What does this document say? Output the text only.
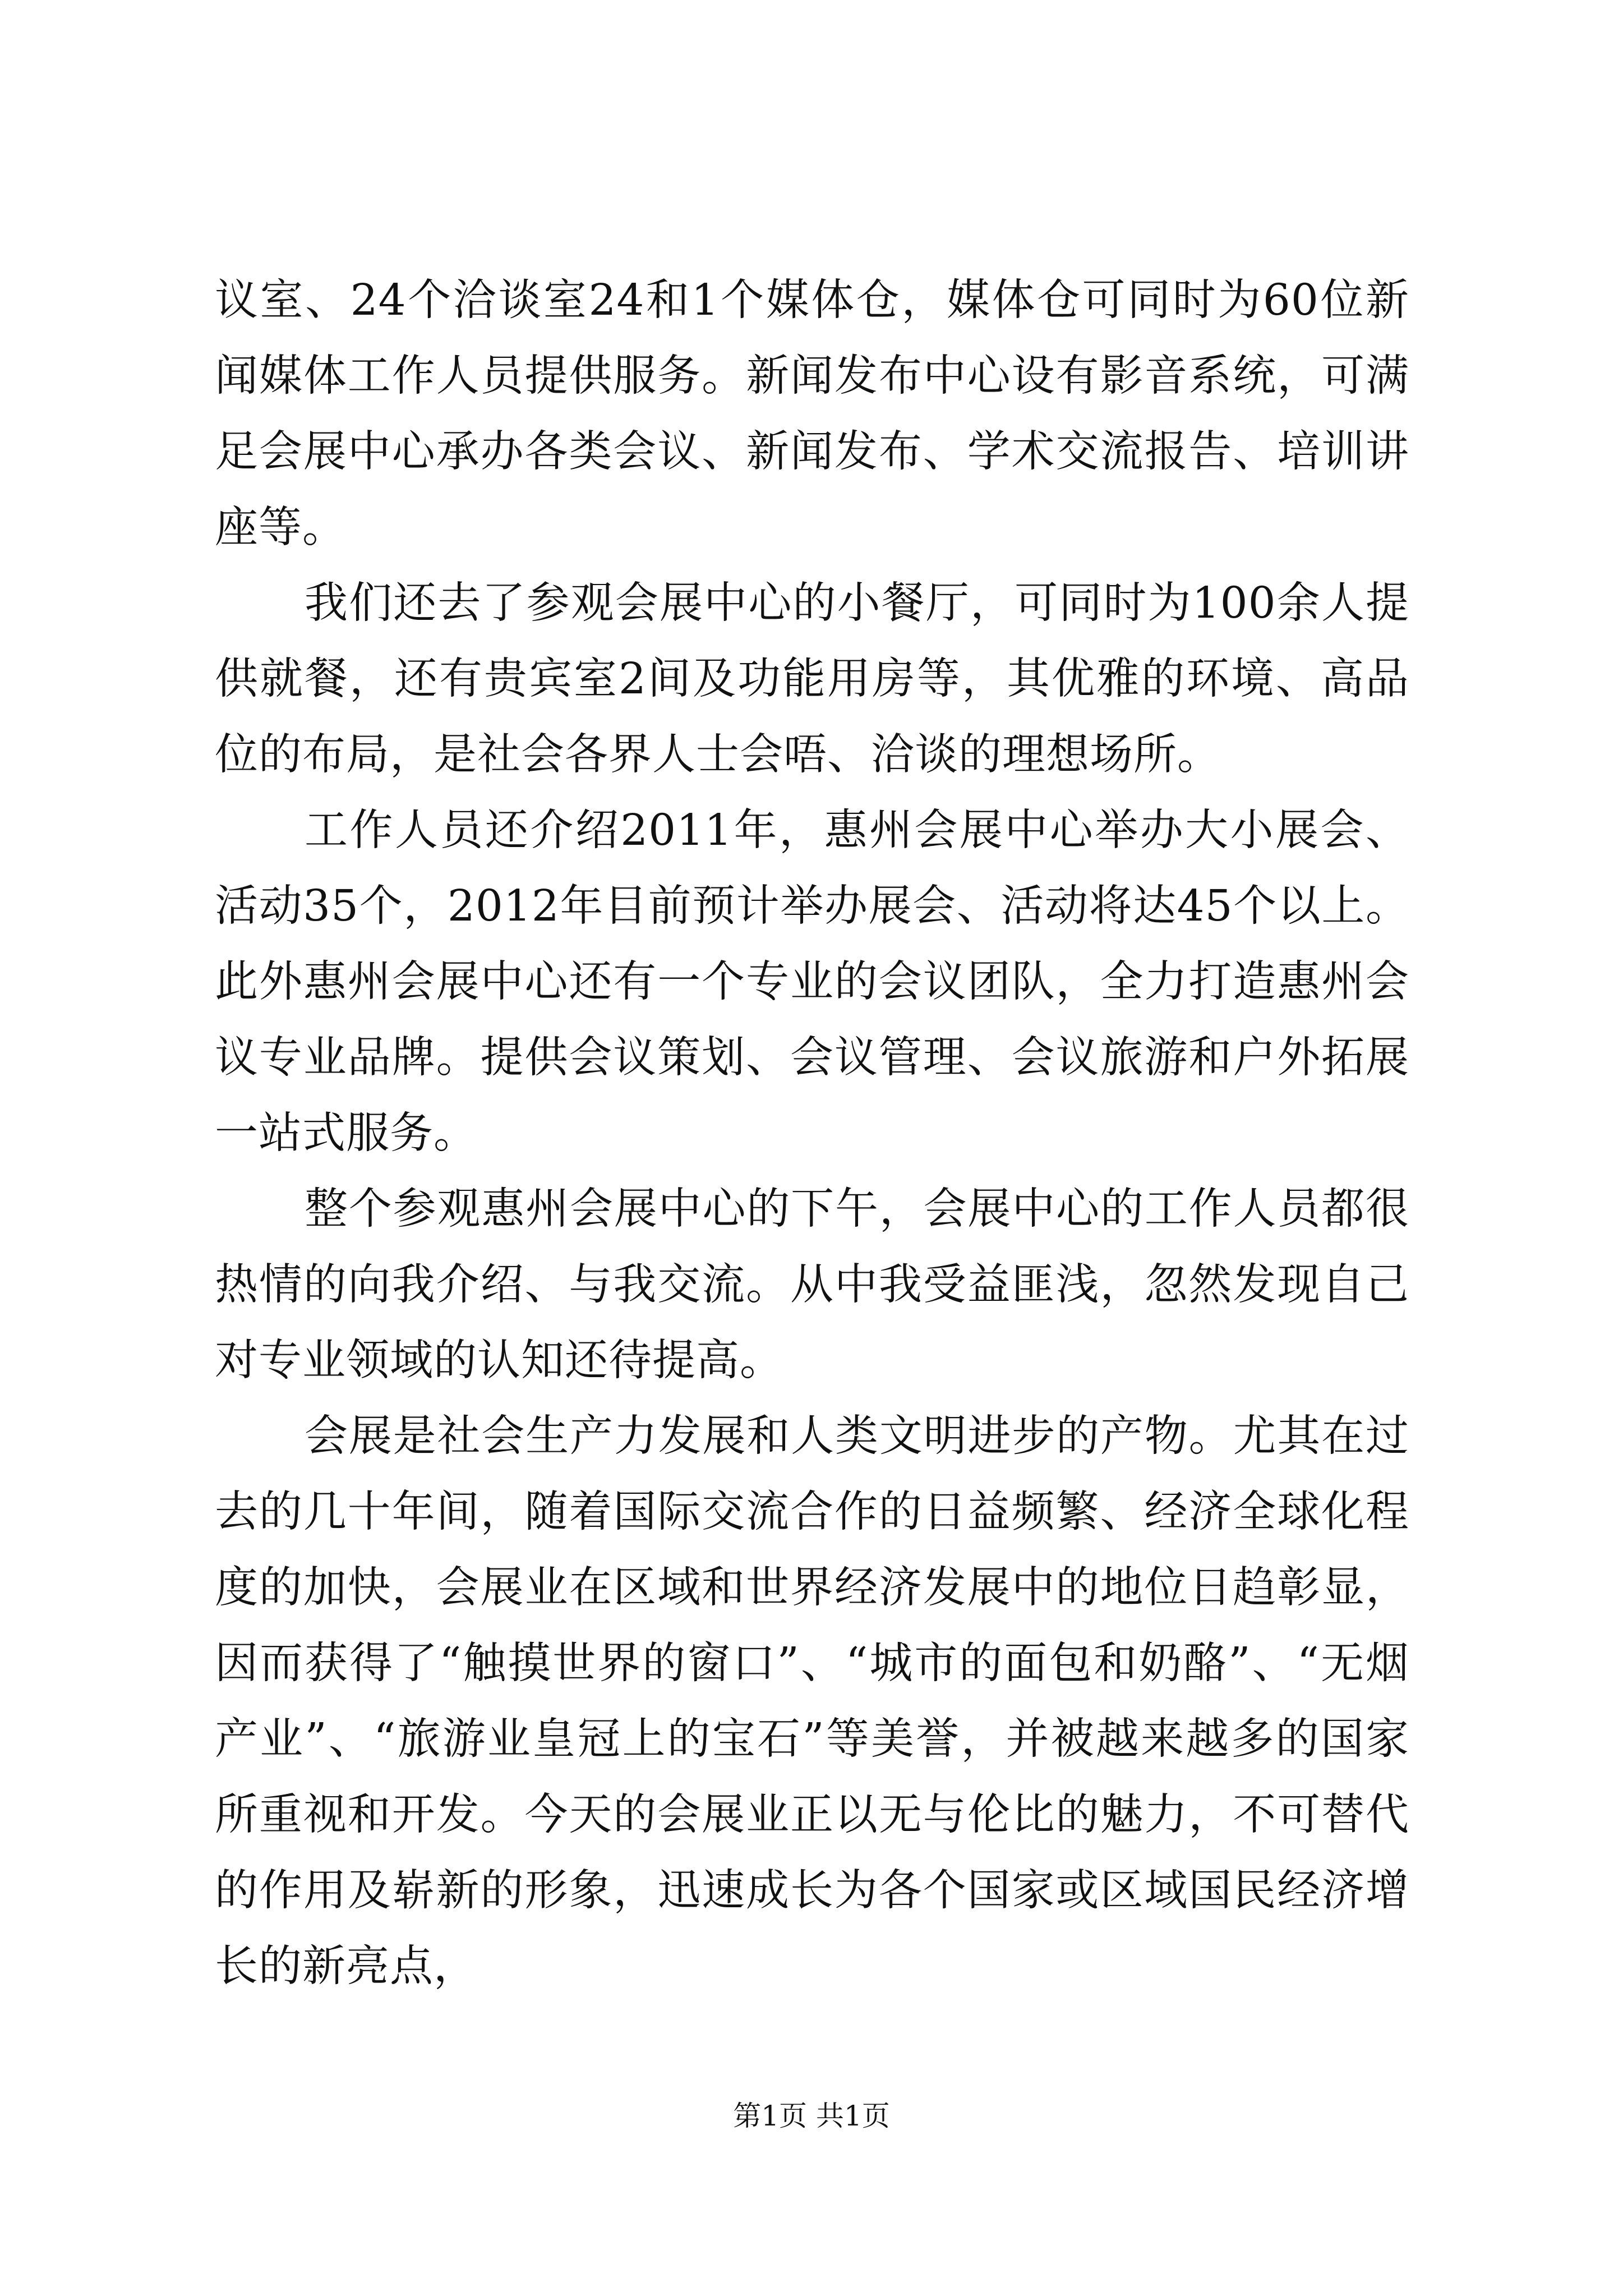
议室、24个洽谈室24和1个媒体仓，媒体仓可同时为60位新闻媒体工作人员提供服务。新闻发布中心设有影音系统，可满足会展中心承办各类会议、新闻发布、学术交流报告、培训讲座等。

我们还去了参观会展中心的小餐厅，可同时为100余人提供就餐，还有贵宾室2间及功能用房等，其优雅的环境、高品位的布局，是社会各界人士会唔、洽谈的理想场所。

工作人员还介绍2011年，惠州会展中心举办大小展会、活动35个，2012年目前预计举办展会、活动将达45个以上。此外惠州会展中心还有一个专业的会议团队，全力打造惠州会议专业品牌。提供会议策划、会议管理、会议旅游和户外拓展一站式服务。

整个参观惠州会展中心的下午，会展中心的工作人员都很热情的向我介绍、与我交流。从中我受益匪浅，忽然发现自己对专业领域的认知还待提高。

会展是社会生产力发展和人类文明进步的产物。尤其在过去的几十年间，随着国际交流合作的日益频繁、经济全球化程度的加快，会展业在区域和世界经济发展中的地位日趋彰显，因而获得了“触摸世界的窗口”、“城市的面包和奶酪”、“无烟产业”、“旅游业皇冠上的宝石”等美誉，并被越来越多的国家所重视和开发。今天的会展业正以无与伦比的魅力，不可替代的作用及崭新的形象，迅速成长为各个国家或区域国民经济增长的新亮点，

第1页 共1页
